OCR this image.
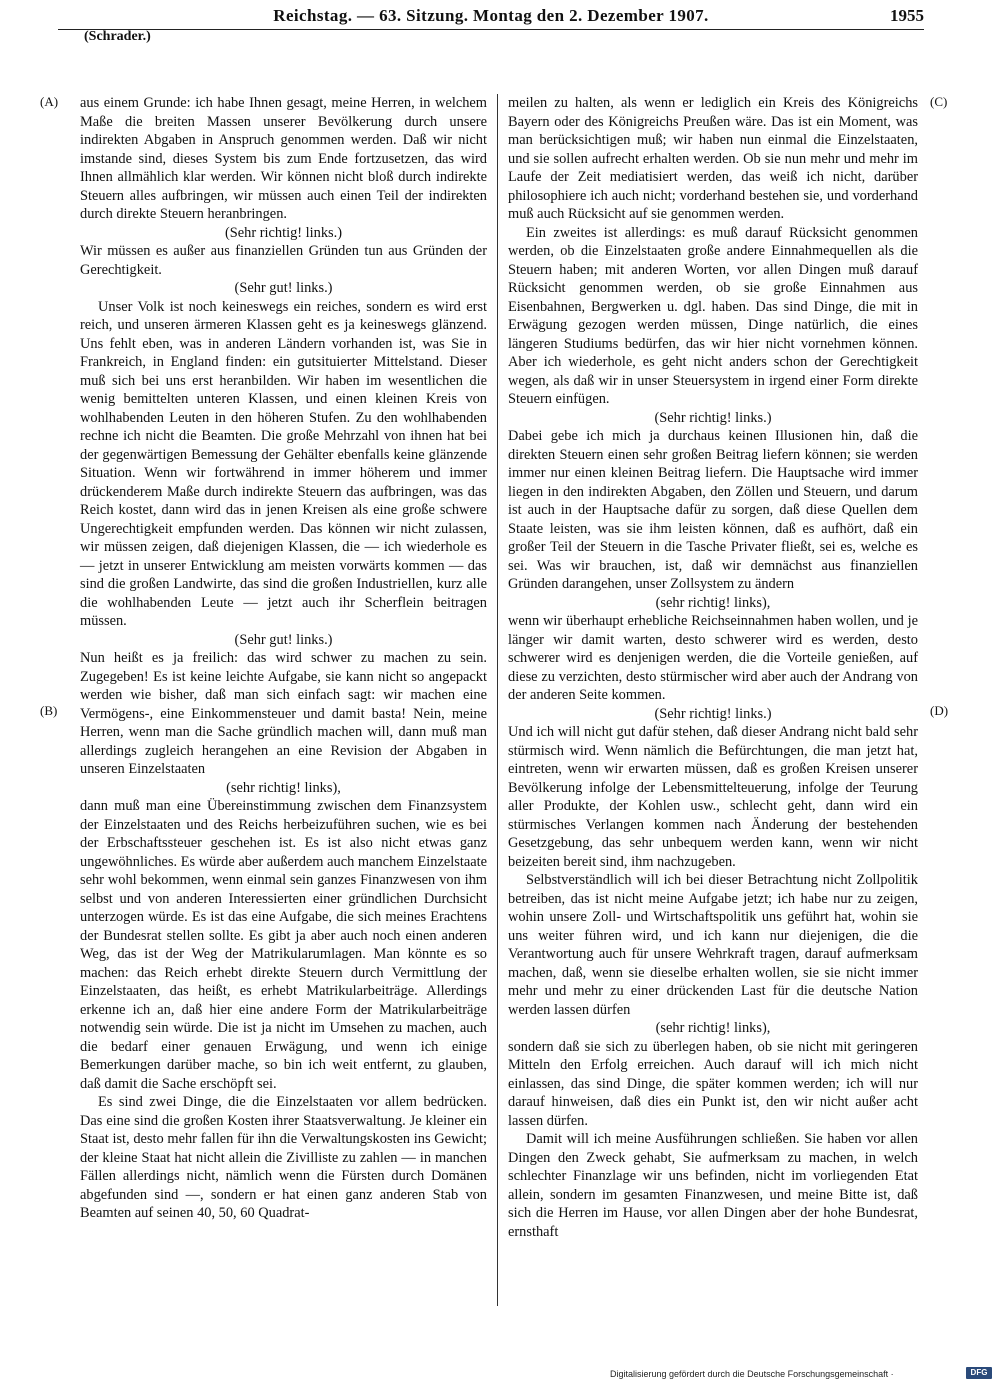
Reichstag. — 63. Sitzung. Montag den 2. Dezember 1907.	1955
(Schrader.)
(A)
(B)
(C)
(D)

aus einem Grunde: ich habe Ihnen gesagt, meine Herren, in welchem Maße die breiten Massen unserer Bevölkerung durch unsere indirekten Abgaben in Anspruch genommen werden. Daß wir nicht imstande sind, dieses System bis zum Ende fortzusetzen, das wird Ihnen allmählich klar werden. Wir können nicht bloß durch indirekte Steuern alles aufbringen, wir müssen auch einen Teil der indirekten durch direkte Steuern heranbringen.

(Sehr richtig! links.)

Wir müssen es außer aus finanziellen Gründen tun aus Gründen der Gerechtigkeit.

(Sehr gut! links.)

Unser Volk ist noch keineswegs ein reiches, sondern es wird erst reich, und unseren ärmeren Klassen geht es ja keineswegs glänzend. Uns fehlt eben, was in anderen Ländern vorhanden ist, was Sie in Frankreich, in England finden: ein gutsituierter Mittelstand. Dieser muß sich bei uns erst heranbilden. Wir haben im wesentlichen die wenig bemittelten unteren Klassen, und einen kleinen Kreis von wohlhabenden Leuten in den höheren Stufen. Zu den wohlhabenden rechne ich nicht die Beamten. Die große Mehrzahl von ihnen hat bei der gegenwärtigen Bemessung der Gehälter ebenfalls keine glänzende Situation. Wenn wir fortwährend in immer höherem und immer drückenderem Maße durch indirekte Steuern das aufbringen, was das Reich kostet, dann wird das in jenen Kreisen als eine große schwere Ungerechtigkeit empfunden werden. Das können wir nicht zulassen, wir müssen zeigen, daß diejenigen Klassen, die — ich wiederhole es — jetzt in unserer Entwicklung am meisten vorwärts kommen — das sind die großen Landwirte, das sind die großen Industriellen, kurz alle die wohlhabenden Leute — jetzt auch ihr Scherflein beitragen müssen.

(Sehr gut! links.)

Nun heißt es ja freilich: das wird schwer zu machen zu sein. Zugegeben! Es ist keine leichte Aufgabe, sie kann nicht so angepackt werden wie bisher, daß man sich einfach sagt: wir machen eine Vermögens-, eine Einkommensteuer und damit basta! Nein, meine Herren, wenn man die Sache gründlich machen will, dann muß man allerdings zugleich herangehen an eine Revision der Abgaben in unseren Einzelstaaten

(sehr richtig! links),

dann muß man eine Übereinstimmung zwischen dem Finanzsystem der Einzelstaaten und des Reichs herbeizuführen suchen, wie es bei der Erbschaftssteuer geschehen ist. Es ist also nicht etwas ganz ungewöhnliches. Es würde aber außerdem auch manchem Einzelstaate sehr wohl bekommen, wenn einmal sein ganzes Finanzwesen von ihm selbst und von anderen Interessierten einer gründlichen Durchsicht unterzogen würde. Es ist das eine Aufgabe, die sich meines Erachtens der Bundesrat stellen sollte. Es gibt ja aber auch noch einen anderen Weg, das ist der Weg der Matrikularumlagen. Man könnte es so machen: das Reich erhebt direkte Steuern durch Vermittlung der Einzelstaaten, das heißt, es erhebt Matrikularbeiträge. Allerdings erkenne ich an, daß hier eine andere Form der Matrikularbeiträge notwendig sein würde. Die ist ja nicht im Umsehen zu machen, auch die bedarf einer genauen Erwägung, und wenn ich einige Bemerkungen darüber mache, so bin ich weit entfernt, zu glauben, daß damit die Sache erschöpft sei.

Es sind zwei Dinge, die die Einzelstaaten vor allem bedrücken. Das eine sind die großen Kosten ihrer Staatsverwaltung. Je kleiner ein Staat ist, desto mehr fallen für ihn die Verwaltungskosten ins Gewicht; der kleine Staat hat nicht allein die Zivilliste zu zahlen — in manchen Fällen allerdings nicht, nämlich wenn die Fürsten durch Domänen abgefunden sind —, sondern er hat einen ganz anderen Stab von Beamten auf seinen 40, 50, 60 Quadrat-

meilen zu halten, als wenn er lediglich ein Kreis des Königreichs Bayern oder des Königreichs Preußen wäre. Das ist ein Moment, was man berücksichtigen muß; wir haben nun einmal die Einzelstaaten, und sie sollen aufrecht erhalten werden. Ob sie nun mehr und mehr im Laufe der Zeit mediatisiert werden, das weiß ich nicht, darüber philosophiere ich auch nicht; vorderhand bestehen sie, und vorderhand muß auch Rücksicht auf sie genommen werden.

Ein zweites ist allerdings: es muß darauf Rücksicht genommen werden, ob die Einzelstaaten große andere Einnahmequellen als die Steuern haben; mit anderen Worten, vor allen Dingen muß darauf Rücksicht genommen werden, ob sie große Einnahmen aus Eisenbahnen, Bergwerken u. dgl. haben. Das sind Dinge, die mit in Erwägung gezogen werden müssen, Dinge natürlich, die eines längeren Studiums bedürfen, das wir hier nicht vornehmen können. Aber ich wiederhole, es geht nicht anders schon der Gerechtigkeit wegen, als daß wir in unser Steuersystem in irgend einer Form direkte Steuern einfügen.

(Sehr richtig! links.)

Dabei gebe ich mich ja durchaus keinen Illusionen hin, daß die direkten Steuern einen sehr großen Beitrag liefern können; sie werden immer nur einen kleinen Beitrag liefern. Die Hauptsache wird immer liegen in den indirekten Abgaben, den Zöllen und Steuern, und darum ist auch in der Hauptsache dafür zu sorgen, daß diese Quellen dem Staate leisten, was sie ihm leisten können, daß es aufhört, daß ein großer Teil der Steuern in die Tasche Privater fließt, sei es, welche es sei. Was wir brauchen, ist, daß wir demnächst aus finanziellen Gründen darangehen, unser Zollsystem zu ändern

(sehr richtig! links),

wenn wir überhaupt erhebliche Reichseinnahmen haben wollen, und je länger wir damit warten, desto schwerer wird es werden, desto schwerer wird es denjenigen werden, die die Vorteile genießen, auf diese zu verzichten, desto stürmischer wird aber auch der Andrang von der anderen Seite kommen.

(Sehr richtig! links.)

Und ich will nicht gut dafür stehen, daß dieser Andrang nicht bald sehr stürmisch wird. Wenn nämlich die Befürchtungen, die man jetzt hat, eintreten, wenn wir erwarten müssen, daß es großen Kreisen unserer Bevölkerung infolge der Lebensmittelteuerung, infolge der Teurung aller Produkte, der Kohlen usw., schlecht geht, dann wird ein stürmisches Verlangen kommen nach Änderung der bestehenden Gesetzgebung, das sehr unbequem werden kann, wenn wir nicht beizeiten bereit sind, ihm nachzugeben.

Selbstverständlich will ich bei dieser Betrachtung nicht Zollpolitik betreiben, das ist nicht meine Aufgabe jetzt; ich habe nur zu zeigen, wohin unsere Zoll- und Wirtschaftspolitik uns geführt hat, wohin sie uns weiter führen wird, und ich kann nur diejenigen, die die Verantwortung auch für unsere Wehrkraft tragen, darauf aufmerksam machen, daß, wenn sie dieselbe erhalten wollen, sie sie nicht immer mehr und mehr zu einer drückenden Last für die deutsche Nation werden lassen dürfen

(sehr richtig! links),

sondern daß sie sich zu überlegen haben, ob sie nicht mit geringeren Mitteln den Erfolg erreichen. Auch darauf will ich mich nicht einlassen, das sind Dinge, die später kommen werden; ich will nur darauf hinweisen, daß dies ein Punkt ist, den wir nicht außer acht lassen dürfen.

Damit will ich meine Ausführungen schließen. Sie haben vor allen Dingen den Zweck gehabt, Sie aufmerksam zu machen, in welch schlechter Finanzlage wir uns befinden, nicht im vorliegenden Etat allein, sondern im gesamten Finanzwesen, und meine Bitte ist, daß sich die Herren im Hause, vor allen Dingen aber der hohe Bundesrat, ernsthaft

Digitalisierung gefördert durch die Deutsche Forschungsgemeinschaft ·	DFG
